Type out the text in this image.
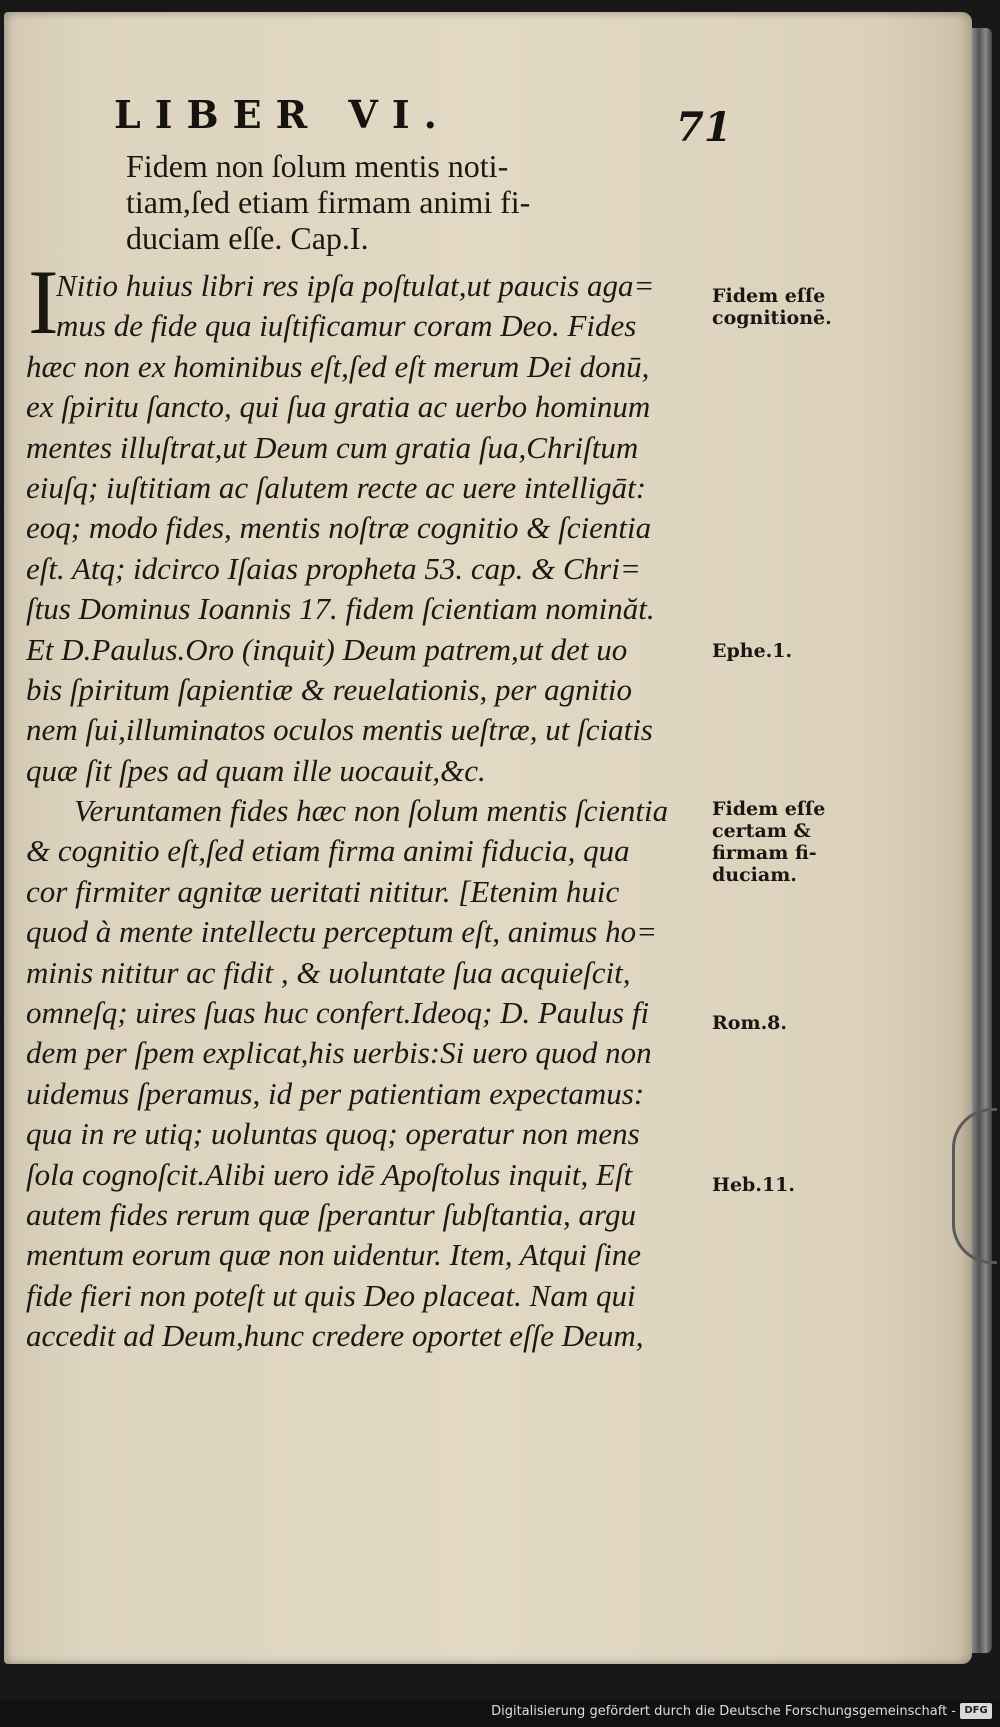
LIBER VI.	71
Fidem non ſolum mentis noti-
tiam,ſed etiam firmam animi fi-
duciam eſſe. Cap.I.
I
Nitio huius libri res ipſa poſtulat,ut paucis aga=
mus de fide qua iuſtificamur coram Deo. Fides
hæc non ex hominibus eſt,ſed eſt merum Dei donū,
ex ſpiritu ſancto, qui ſua gratia ac uerbo hominum
mentes illuſtrat,ut Deum cum gratia ſua,Chriſtum
eiuſq; iuſtitiam ac ſalutem recte ac uere intelligāt:
eoq; modo fides, mentis noſtræ cognitio & ſcientia
eſt. Atq; idcirco Iſaias propheta 53. cap. & Chri=
ſtus Dominus Ioannis 17. fidem ſcientiam nominăt.
Et D.Paulus.Oro (inquit) Deum patrem,ut det uo
bis ſpiritum ſapientiæ & reuelationis, per agnitio
nem ſui,illuminatos oculos mentis ueſtræ, ut ſciatis
quæ ſit ſpes ad quam ille uocauit,&c.
Veruntamen fides hæc non ſolum mentis ſcientia
& cognitio eſt,ſed etiam firma animi fiducia, qua
cor firmiter agnitæ ueritati nititur. [Etenim huic
quod à mente intellectu perceptum eſt, animus ho=
minis nititur ac fidit , & uoluntate ſua acquieſcit,
omneſq; uires ſuas huc confert.Ideoq; D. Paulus fi
dem per ſpem explicat,his uerbis:Si uero quod non
uidemus ſperamus, id per patientiam expectamus:
qua in re utiq; uoluntas quoq; operatur non mens
ſola cognoſcit.Alibi uero idē Apoſtolus inquit, Eſt
autem fides rerum quæ ſperantur ſubſtantia, argu
mentum eorum quæ non uidentur. Item, Atqui ſine
fide fieri non poteſt ut quis Deo placeat. Nam qui
accedit ad Deum,hunc credere oportet eſſe Deum,
Fidem eſſe
cognitionē.
Ephe.1.
Fidem eſſe
certam &
firmam fi-
duciam.
Rom.8.
Heb.11.
Digitalisierung gefördert durch die Deutsche Forschungsgemeinschaft - DFG
